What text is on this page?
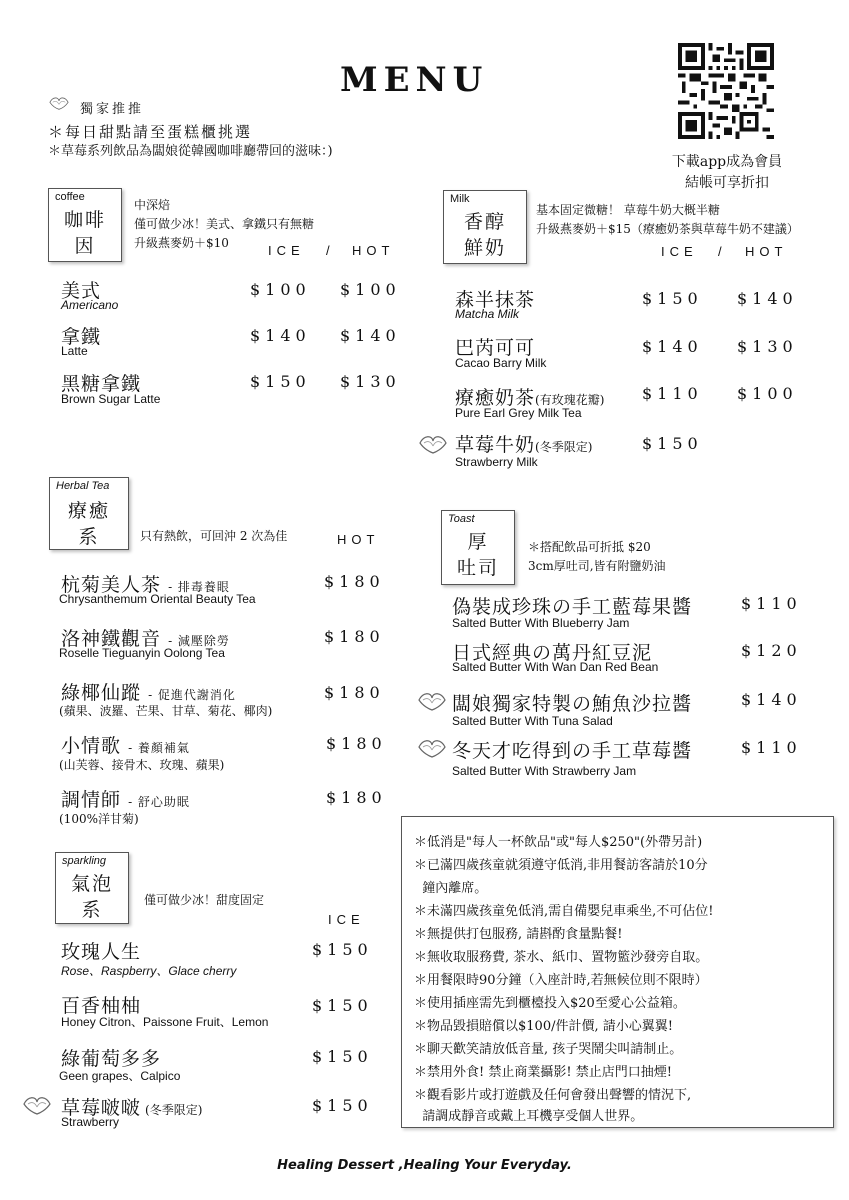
MENU
獨家推推
＊每日甜點請至蛋糕櫃挑選
＊草莓系列飲品為闆娘從韓國咖啡廳帶回的滋味：)
下載app成為會員
結帳可享折扣
coffee
咖啡
因
中深焙
僅可做少冰！美式、拿鐵只有無糖
升級燕麥奶＋$10	ICE / HOT
美式
Americano
$100 $100
拿鐵
Latte
$140 $140
黑糖拿鐵
Brown Sugar Latte
$150 $130
Milk
香醇
鮮奶
基本固定微糖！ 草莓牛奶大概半糖
升級燕麥奶＋$15（療癒奶茶與草莓牛奶不建議）
ICE / HOT
森半抹茶
Matcha Milk
$150 $140
巴芮可可
Cacao Barry Milk
$140 $130
療癒奶茶(有玫瑰花瓣)
Pure Earl Grey Milk Tea
$110 $100
草莓牛奶(冬季限定)
Strawberry Milk
$150
Herbal Tea
療癒
系	只有熱飲，可回沖 2 次為佳	HOT
杭菊美人茶 - 排毒養眼
Chrysanthemum Oriental Beauty Tea
$180
洛神鐵觀音 - 減壓除勞
Roselle Tieguanyin Oolong Tea
$180
綠椰仙蹤 - 促進代謝消化
(蘋果、波羅、芒果、甘草、菊花、椰肉)
$180
小情歌 - 養顏補氣
(山芙蓉、接骨木、玫瑰、蘋果)
$180
調情師 - 舒心助眠
(100%洋甘菊)
$180
Toast
厚
吐司
＊搭配飲品可折抵 $20
3cm厚吐司,皆有附鹽奶油
偽裝成珍珠の手工藍莓果醬
Salted Butter With Blueberry Jam
$110
日式經典の萬丹紅豆泥
Salted Butter With Wan Dan Red Bean
$120
闆娘獨家特製の鮪魚沙拉醬
Salted Butter With Tuna Salad
$140
冬天才吃得到の手工草莓醬
Salted Butter With Strawberry Jam
$110
sparkling
氣泡
系	僅可做少冰！甜度固定
ICE
玫瑰人生
Rose、Raspberry、Glace cherry
$150
百香柚柚
Honey Citron、Paissone Fruit、Lemon
$150
綠葡萄多多
Geen grapes、Calpico
$150
草莓啵啵 (冬季限定)
Strawberry
$150
＊低消是"每人一杯飲品"或"每人$250"(外帶另計)
＊已滿四歲孩童就須遵守低消,非用餐訪客請於10分
鐘內離席。
＊未滿四歲孩童免低消,需自備嬰兒車乘坐,不可佔位!
＊無提供打包服務, 請斟酌食量點餐!
＊無收取服務費, 茶水、紙巾、置物籃沙發旁自取。
＊用餐限時90分鐘（入座計時,若無候位則不限時）
＊使用插座需先到櫃檯投入$20至愛心公益箱。
＊物品毀損賠償以$100/件計價, 請小心翼翼!
＊聊天歡笑請放低音量, 孩子哭鬧尖叫請制止。
＊禁用外食! 禁止商業攝影! 禁止店門口抽煙!
＊觀看影片或打遊戲及任何會發出聲響的情況下,
請調成靜音或戴上耳機享受個人世界。
Healing Dessert ,Healing Your Everyday.
